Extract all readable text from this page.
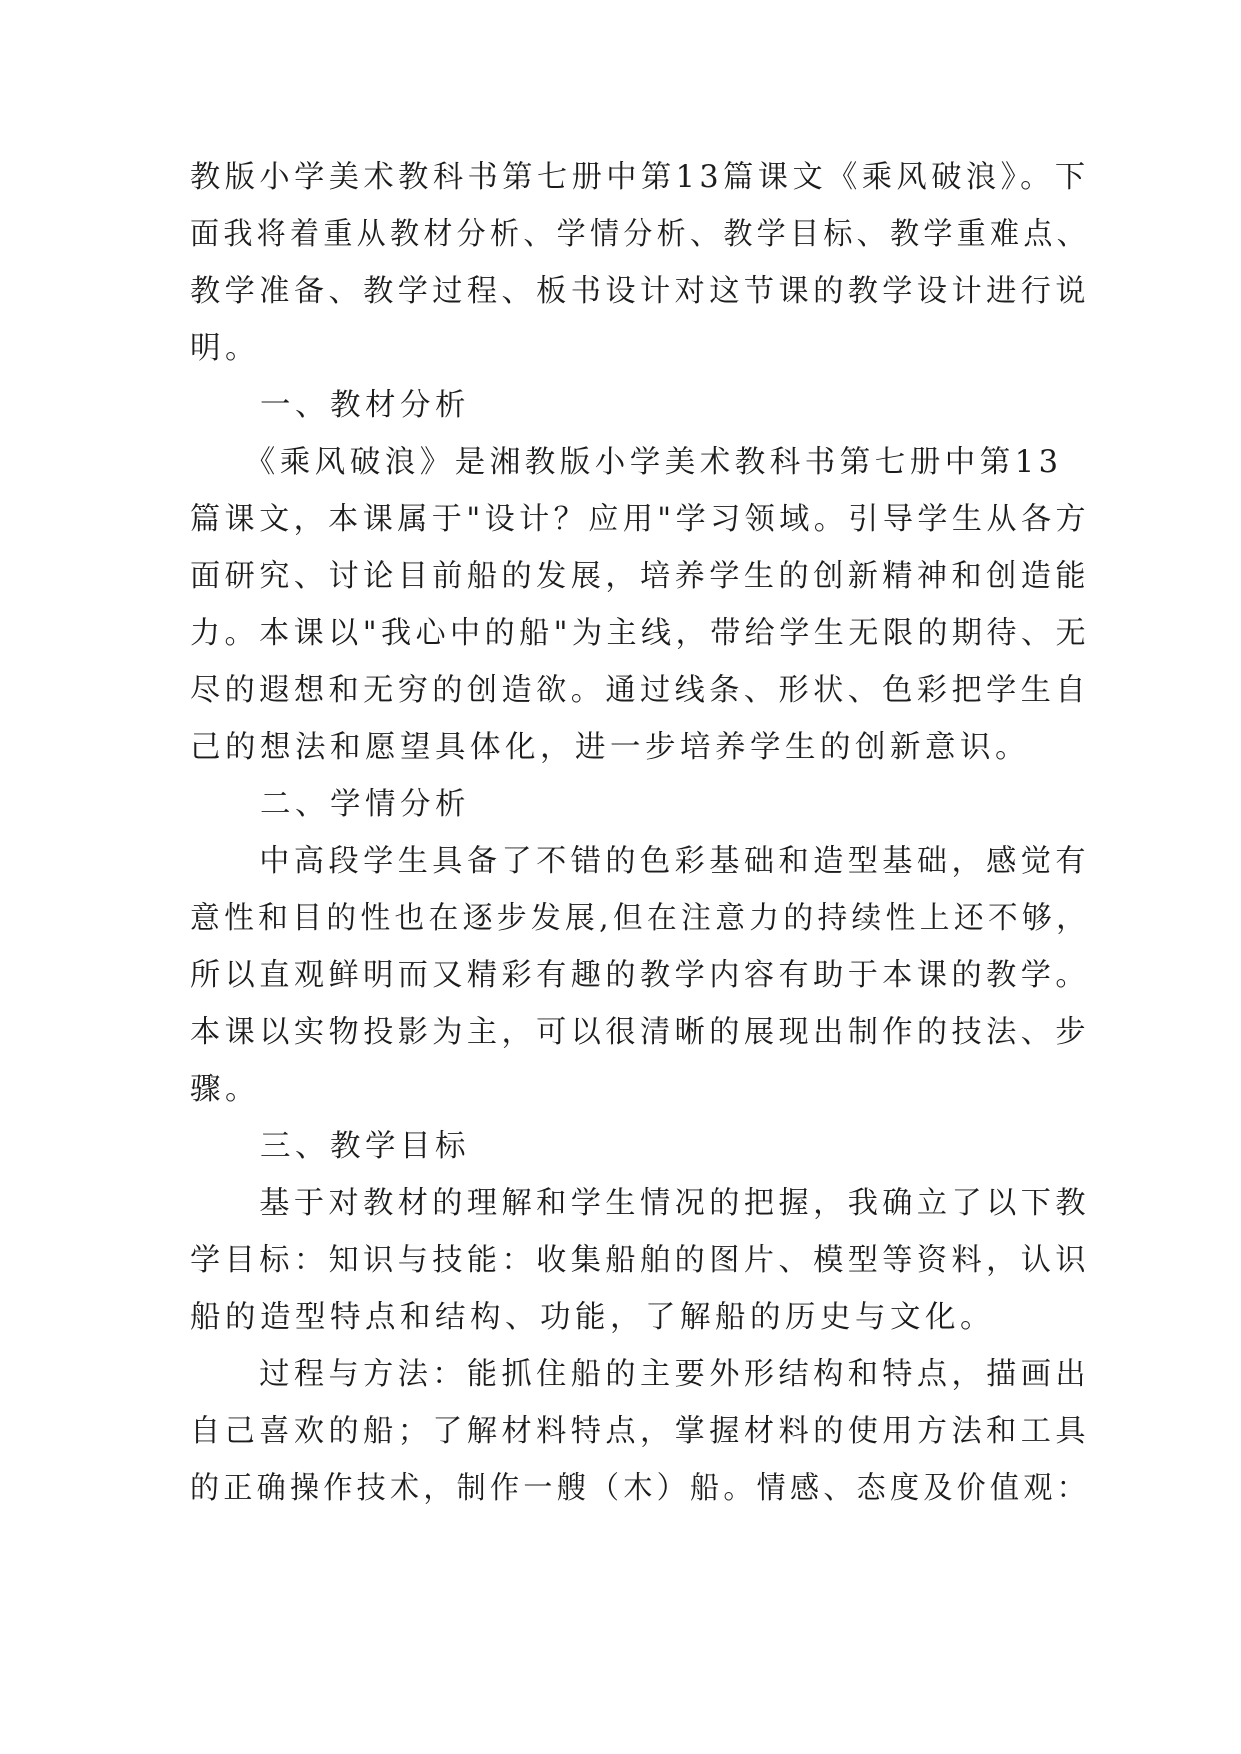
教版小学美术教科书第七册中第13篇课文《乘风破浪》。下
面我将着重从教材分析、学情分析、教学目标、教学重难点、
教学准备、教学过程、板书设计对这节课的教学设计进行说
明。
　　一、教材分析
　　《乘风破浪》是湘教版小学美术教科书第七册中第13
篇课文，本课属于"设计？应用"学习领域。引导学生从各方
面研究、讨论目前船的发展，培养学生的创新精神和创造能
力。本课以"我心中的船"为主线，带给学生无限的期待、无
尽的遐想和无穷的创造欲。通过线条、形状、色彩把学生自
己的想法和愿望具体化，进一步培养学生的创新意识。
　　二、学情分析
　　中高段学生具备了不错的色彩基础和造型基础，感觉有
意性和目的性也在逐步发展,但在注意力的持续性上还不够，
所以直观鲜明而又精彩有趣的教学内容有助于本课的教学。
本课以实物投影为主，可以很清晰的展现出制作的技法、步
骤。
　　三、教学目标
　　基于对教材的理解和学生情况的把握，我确立了以下教
学目标：知识与技能：收集船舶的图片、模型等资料，认识
船的造型特点和结构、功能，了解船的历史与文化。
　　过程与方法：能抓住船的主要外形结构和特点，描画出
自己喜欢的船；了解材料特点，掌握材料的使用方法和工具
的正确操作技术，制作一艘（木）船。情感、态度及价值观：
